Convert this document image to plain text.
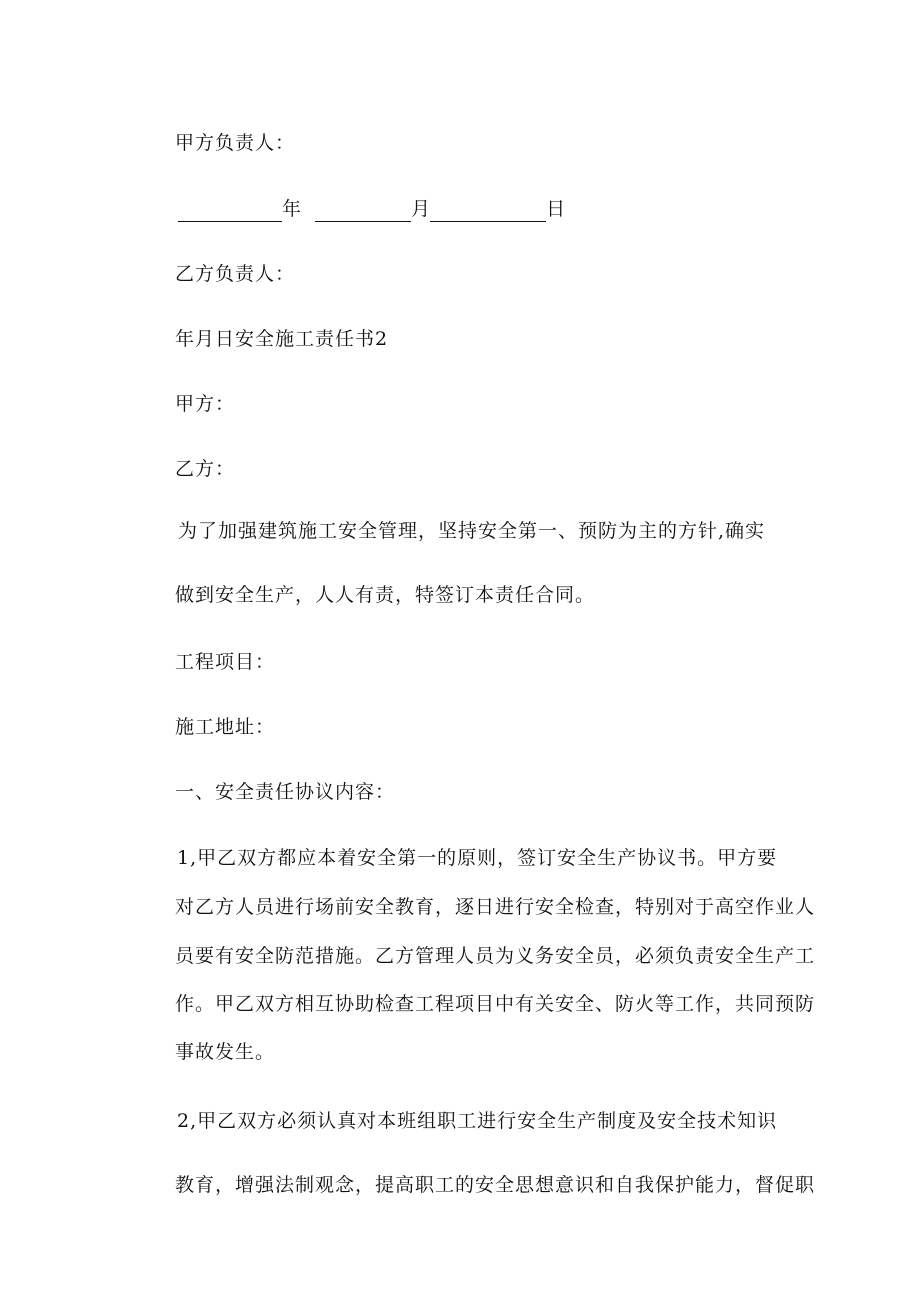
甲方负责人：
年	月	日
乙方负责人：
年月日安全施工责任书2
甲方：
乙方：
为了加强建筑施工安全管理，坚持安全第一、预防为主的方针,确实
做到安全生产，人人有责，特签订本责任合同。
工程项目：
施工地址：
一、安全责任协议内容：
1,甲乙双方都应本着安全第一的原则，签订安全生产协议书。甲方要
对乙方人员进行场前安全教育，逐日进行安全检查，特别对于高空作业人
员要有安全防范措施。乙方管理人员为义务安全员，必须负责安全生产工
作。甲乙双方相互协助检查工程项目中有关安全、防火等工作，共同预防
事故发生。
2,甲乙双方必须认真对本班组职工进行安全生产制度及安全技术知识
教育，增强法制观念，提高职工的安全思想意识和自我保护能力，督促职
